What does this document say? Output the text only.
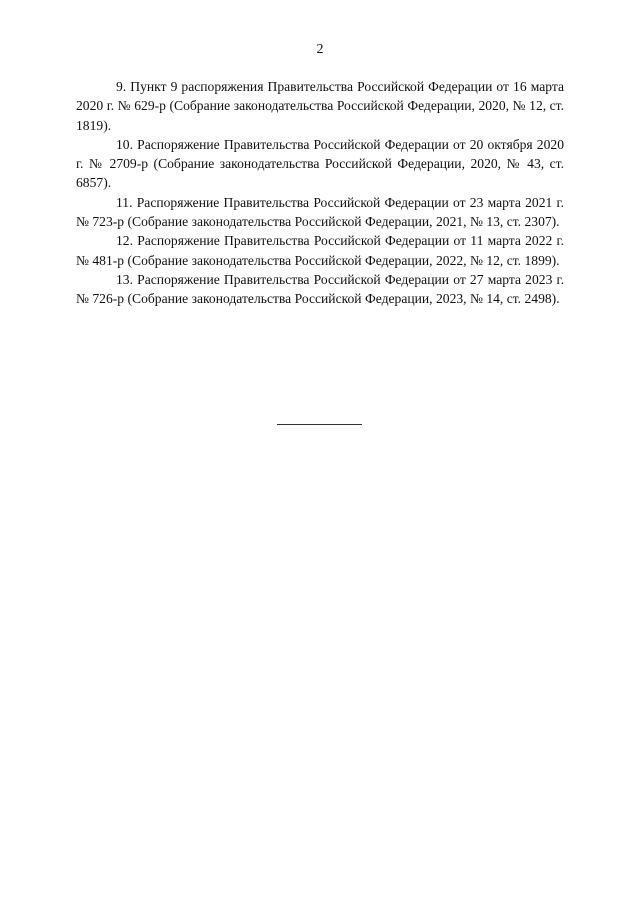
2

9. Пункт 9 распоряжения Правительства Российской Федерации от 16 марта 2020 г. № 629-р (Собрание законодательства Российской Федерации, 2020, № 12, ст. 1819).

10. Распоряжение Правительства Российской Федерации от 20 октября 2020 г. № 2709-р (Собрание законодательства Российской Федерации, 2020, № 43, ст. 6857).

11. Распоряжение Правительства Российской Федерации от 23 марта 2021 г. № 723-р (Собрание законодательства Российской Федерации, 2021, № 13, ст. 2307).

12. Распоряжение Правительства Российской Федерации от 11 марта 2022 г. № 481-р (Собрание законодательства Российской Федерации, 2022, № 12, ст. 1899).

13. Распоряжение Правительства Российской Федерации от 27 марта 2023 г. № 726-р (Собрание законодательства Российской Федерации, 2023, № 14, ст. 2498).
